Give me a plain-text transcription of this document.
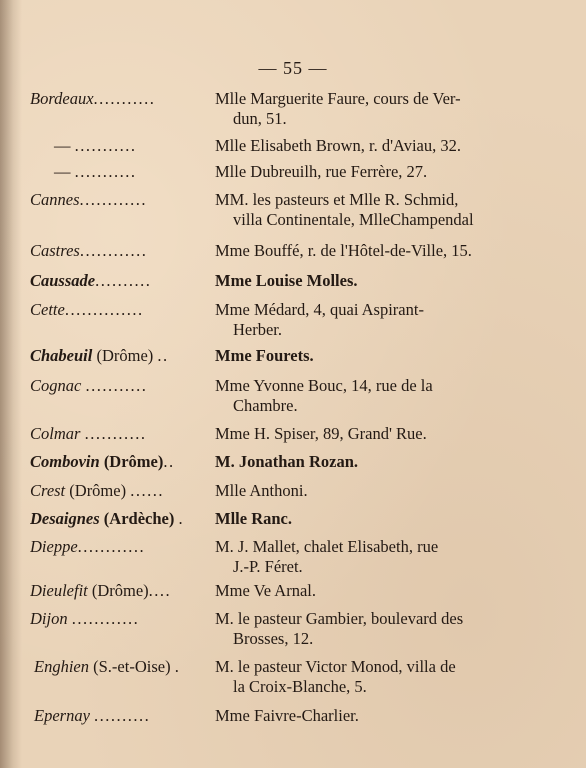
— 55 —
Bordeaux...........	Mlle Marguerite Faure, cours de Ver-
dun, 51.
— ...........	Mlle Elisabeth Brown, r. d'Aviau, 32.
— ...........	Mlle Dubreuilh, rue Ferrère, 27.
Cannes............	MM. les pasteurs et Mlle R. Schmid,
villa Continentale, MlleChampendal
Castres............	Mme Bouffé, r. de l'Hôtel-de-Ville, 15.
Caussade..........	Mme Louise Molles.
Cette..............	Mme Médard, 4, quai Aspirant-
Herber.
Chabeuil (Drôme) ..	Mme Fourets.
Cognac ...........	Mme Yvonne Bouc, 14, rue de la
Chambre.
Colmar ...........	Mme H. Spiser, 89, Grand' Rue.
Combovin (Drôme)..	M. Jonathan Rozan.
Crest (Drôme) ......	Mlle Anthoni.
Desaignes (Ardèche) .	Mlle Ranc.
Dieppe............	M. J. Mallet, chalet Elisabeth, rue
J.-P. Féret.
Dieulefit (Drôme)....	Mme Ve Arnal.
Dijon ............	M. le pasteur Gambier, boulevard des
Brosses, 12.
Enghien (S.-et-Oise) .	M. le pasteur Victor Monod, villa de
la Croix-Blanche, 5.
Epernay ..........	Mme Faivre-Charlier.
